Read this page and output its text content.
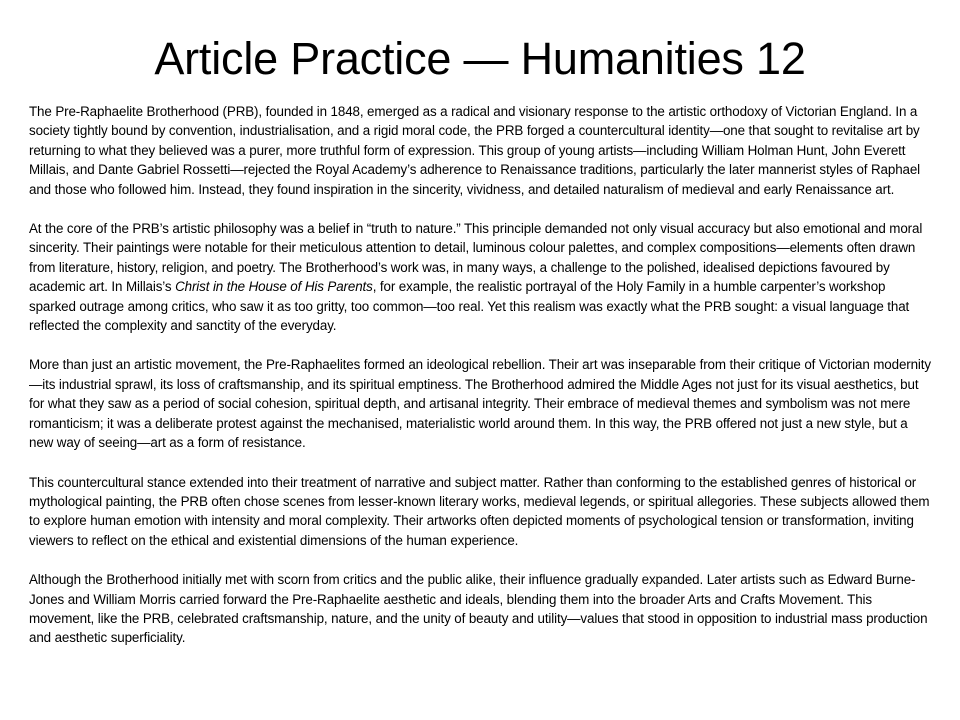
Article Practice — Humanities 12

The Pre-Raphaelite Brotherhood (PRB), founded in 1848, emerged as a radical and visionary response to the artistic orthodoxy of Victorian England. In a society tightly bound by convention, industrialisation, and a rigid moral code, the PRB forged a countercultural identity—one that sought to revitalise art by returning to what they believed was a purer, more truthful form of expression. This group of young artists—including William Holman Hunt, John Everett Millais, and Dante Gabriel Rossetti—rejected the Royal Academy’s adherence to Renaissance traditions, particularly the later mannerist styles of Raphael and those who followed him. Instead, they found inspiration in the sincerity, vividness, and detailed naturalism of medieval and early Renaissance art.

At the core of the PRB’s artistic philosophy was a belief in “truth to nature.” This principle demanded not only visual accuracy but also emotional and moral sincerity. Their paintings were notable for their meticulous attention to detail, luminous colour palettes, and complex compositions—elements often drawn from literature, history, religion, and poetry. The Brotherhood’s work was, in many ways, a challenge to the polished, idealised depictions favoured by academic art. In Millais’s Christ in the House of His Parents, for example, the realistic portrayal of the Holy Family in a humble carpenter’s workshop sparked outrage among critics, who saw it as too gritty, too common—too real. Yet this realism was exactly what the PRB sought: a visual language that reflected the complexity and sanctity of the everyday.

More than just an artistic movement, the Pre-Raphaelites formed an ideological rebellion. Their art was inseparable from their critique of Victorian modernity—its industrial sprawl, its loss of craftsmanship, and its spiritual emptiness. The Brotherhood admired the Middle Ages not just for its visual aesthetics, but for what they saw as a period of social cohesion, spiritual depth, and artisanal integrity. Their embrace of medieval themes and symbolism was not mere romanticism; it was a deliberate protest against the mechanised, materialistic world around them. In this way, the PRB offered not just a new style, but a new way of seeing—art as a form of resistance.

This countercultural stance extended into their treatment of narrative and subject matter. Rather than conforming to the established genres of historical or mythological painting, the PRB often chose scenes from lesser-known literary works, medieval legends, or spiritual allegories. These subjects allowed them to explore human emotion with intensity and moral complexity. Their artworks often depicted moments of psychological tension or transformation, inviting viewers to reflect on the ethical and existential dimensions of the human experience.

Although the Brotherhood initially met with scorn from critics and the public alike, their influence gradually expanded. Later artists such as Edward Burne-Jones and William Morris carried forward the Pre-Raphaelite aesthetic and ideals, blending them into the broader Arts and Crafts Movement. This movement, like the PRB, celebrated craftsmanship, nature, and the unity of beauty and utility—values that stood in opposition to industrial mass production and aesthetic superficiality.
